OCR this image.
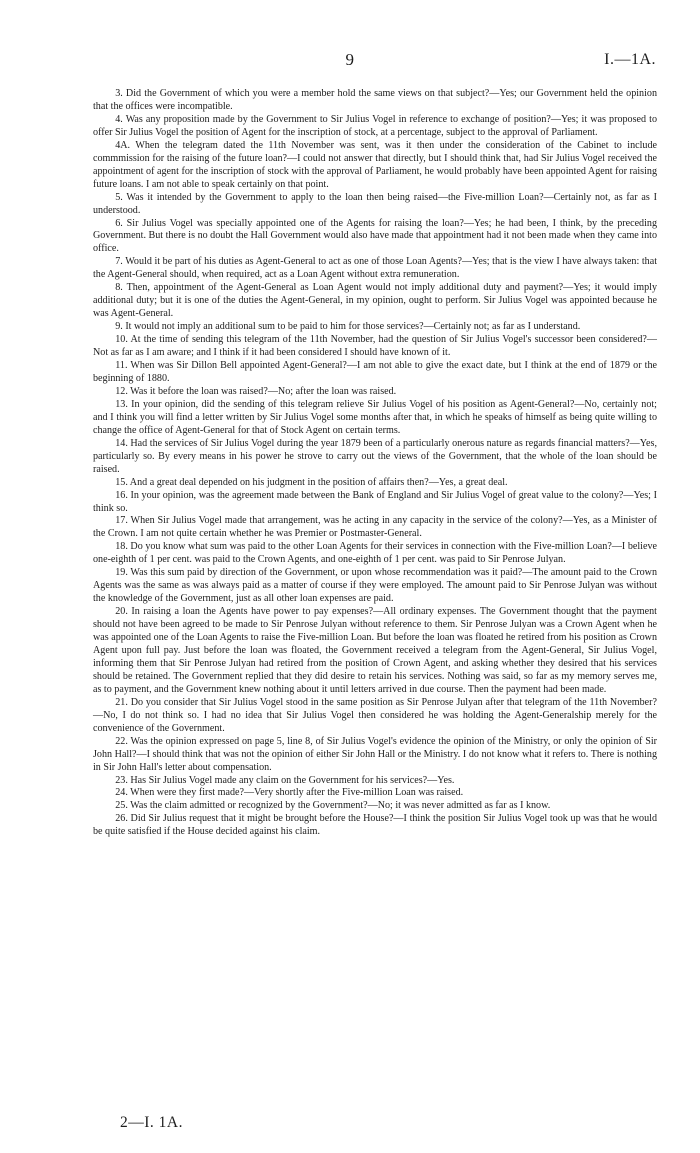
9	I.—1A.

3. Did the Government of which you were a member hold the same views on that subject?—Yes; our Government held the opinion that the offices were incompatible.

4. Was any proposition made by the Government to Sir Julius Vogel in reference to exchange of position?—Yes; it was proposed to offer Sir Julius Vogel the position of Agent for the inscription of stock, at a percentage, subject to the approval of Parliament.

4A. When the telegram dated the 11th November was sent, was it then under the consideration of the Cabinet to include commmission for the raising of the future loan?—I could not answer that directly, but I should think that, had Sir Julius Vogel received the appointment of agent for the inscription of stock with the approval of Parliament, he would probably have been appointed Agent for raising future loans. I am not able to speak certainly on that point.

5. Was it intended by the Government to apply to the loan then being raised—the Five-million Loan?—Certainly not, as far as I understood.

6. Sir Julius Vogel was specially appointed one of the Agents for raising the loan?—Yes; he had been, I think, by the preceding Government. But there is no doubt the Hall Government would also have made that appointment had it not been made when they came into office.

7. Would it be part of his duties as Agent-General to act as one of those Loan Agents?—Yes; that is the view I have always taken: that the Agent-General should, when required, act as a Loan Agent without extra remuneration.

8. Then, appointment of the Agent-General as Loan Agent would not imply additional duty and payment?—Yes; it would imply additional duty; but it is one of the duties the Agent-General, in my opinion, ought to perform. Sir Julius Vogel was appointed because he was Agent-General.

9. It would not imply an additional sum to be paid to him for those services?—Certainly not; as far as I understand.

10. At the time of sending this telegram of the 11th November, had the question of Sir Julius Vogel's successor been considered?—Not as far as I am aware; and I think if it had been considered I should have known of it.

11. When was Sir Dillon Bell appointed Agent-General?—I am not able to give the exact date, but I think at the end of 1879 or the beginning of 1880.

12. Was it before the loan was raised?—No; after the loan was raised.

13. In your opinion, did the sending of this telegram relieve Sir Julius Vogel of his position as Agent-General?—No, certainly not; and I think you will find a letter written by Sir Julius Vogel some months after that, in which he speaks of himself as being quite willing to change the office of Agent-General for that of Stock Agent on certain terms.

14. Had the services of Sir Julius Vogel during the year 1879 been of a particularly onerous nature as regards financial matters?—Yes, particularly so. By every means in his power he strove to carry out the views of the Government, that the whole of the loan should be raised.

15. And a great deal depended on his judgment in the position of affairs then?—Yes, a great deal.

16. In your opinion, was the agreement made between the Bank of England and Sir Julius Vogel of great value to the colony?—Yes; I think so.

17. When Sir Julius Vogel made that arrangement, was he acting in any capacity in the service of the colony?—Yes, as a Minister of the Crown. I am not quite certain whether he was Premier or Postmaster-General.

18. Do you know what sum was paid to the other Loan Agents for their services in connection with the Five-million Loan?—I believe one-eighth of 1 per cent. was paid to the Crown Agents, and one-eighth of 1 per cent. was paid to Sir Penrose Julyan.

19. Was this sum paid by direction of the Government, or upon whose recommendation was it paid?—The amount paid to the Crown Agents was the same as was always paid as a matter of course if they were employed. The amount paid to Sir Penrose Julyan was without the knowledge of the Government, just as all other loan expenses are paid.

20. In raising a loan the Agents have power to pay expenses?—All ordinary expenses. The Government thought that the payment should not have been agreed to be made to Sir Penrose Julyan without reference to them. Sir Penrose Julyan was a Crown Agent when he was appointed one of the Loan Agents to raise the Five-million Loan. But before the loan was floated he retired from his position as Crown Agent upon full pay. Just before the loan was floated, the Government received a telegram from the Agent-General, Sir Julius Vogel, informing them that Sir Penrose Julyan had retired from the position of Crown Agent, and asking whether they desired that his services should be retained. The Government replied that they did desire to retain his services. Nothing was said, so far as my memory serves me, as to payment, and the Government knew nothing about it until letters arrived in due course. Then the payment had been made.

21. Do you consider that Sir Julius Vogel stood in the same position as Sir Penrose Julyan after that telegram of the 11th November?—No, I do not think so. I had no idea that Sir Julius Vogel then considered he was holding the Agent-Generalship merely for the convenience of the Government.

22. Was the opinion expressed on page 5, line 8, of Sir Julius Vogel's evidence the opinion of the Ministry, or only the opinion of Sir John Hall?—I should think that was not the opinion of either Sir John Hall or the Ministry. I do not know what it refers to. There is nothing in Sir John Hall's letter about compensation.

23. Has Sir Julius Vogel made any claim on the Government for his services?—Yes.

24. When were they first made?—Very shortly after the Five-million Loan was raised.

25. Was the claim admitted or recognized by the Government?—No; it was never admitted as far as I know.

26. Did Sir Julius request that it might be brought before the House?—I think the position Sir Julius Vogel took up was that he would be quite satisfied if the House decided against his claim.

2—I. 1A.
